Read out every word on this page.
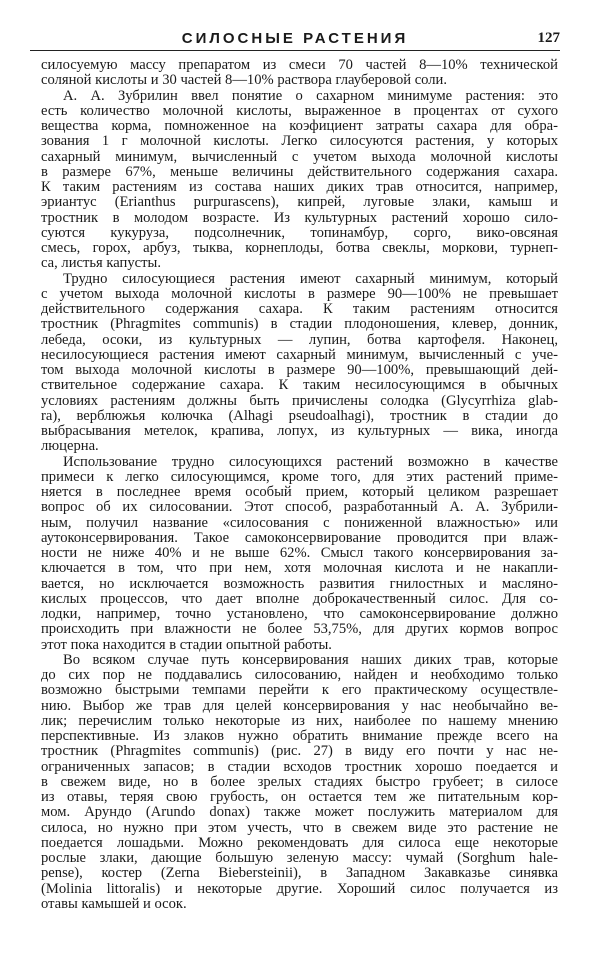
СИЛОСНЫЕ РАСТЕНИЯ	127
силосуемую массу препаратом из смеси 70 частей 8—10% технической
соляной кислоты и 30 частей 8—10% раствора глауберовой соли.
А. А. Зубрилин ввел понятие о сахарном минимуме растения: это
есть количество молочной кислоты, выраженное в процентах от сухого
вещества корма, помноженное на коэфициент затраты сахара для обра-
зования 1 г молочной кислоты. Легко силосуются растения, у которых
сахарный минимум, вычисленный с учетом выхода молочной кислоты
в размере 67%, меньше величины действительного содержания сахара.
К таким растениям из состава наших диких трав относится, например,
эриантус (Erianthus purpurascens), кипрей, луговые злаки, камыш и
тростник в молодом возрасте. Из культурных растений хорошо сило-
суются кукуруза, подсолнечник, топинамбур, сорго, вико-овсяная
смесь, горох, арбуз, тыква, корнеплоды, ботва свеклы, моркови, турнеп-
са, листья капусты.
Трудно силосующиеся растения имеют сахарный минимум, который
с учетом выхода молочной кислоты в размере 90—100% не превышает
действительного содержания сахара. К таким растениям относится
тростник (Phragmites communis) в стадии плодоношения, клевер, донник,
лебеда, осоки, из культурных — лупин, ботва картофеля. Наконец,
несилосующиеся растения имеют сахарный минимум, вычисленный с уче-
том выхода молочной кислоты в размере 90—100%, превышающий дей-
ствительное содержание сахара. К таким несилосующимся в обычных
условиях растениям должны быть причислены солодка (Glycyrrhiza glab-
ra), верблюжья колючка (Alhagi pseudoalhagi), тростник в стадии до
выбрасывания метелок, крапива, лопух, из культурных — вика, иногда
люцерна.
Использование трудно силосующихся растений возможно в качестве
примеси к легко силосующимся, кроме того, для этих растений приме-
няется в последнее время особый прием, который целиком разрешает
вопрос об их силосовании. Этот способ, разработанный А. А. Зубрили-
ным, получил название «силосования с пониженной влажностью» или
аутоконсервирования. Такое самоконсервирование проводится при влаж-
ности не ниже 40% и не выше 62%. Смысл такого консервирования за-
ключается в том, что при нем, хотя молочная кислота и не накапли-
вается, но исключается возможность развития гнилостных и масляно-
кислых процессов, что дает вполне доброкачественный силос. Для со-
лодки, например, точно установлено, что самоконсервирование должно
происходить при влажности не более 53,75%, для других кормов вопрос
этот пока находится в стадии опытной работы.
Во всяком случае путь консервирования наших диких трав, которые
до сих пор не поддавались силосованию, найден и необходимо только
возможно быстрыми темпами перейти к его практическому осуществле-
нию. Выбор же трав для целей консервирования у нас необычайно ве-
лик; перечислим только некоторые из них, наиболее по нашему мнению
перспективные. Из злаков нужно обратить внимание прежде всего на
тростник (Phragmites communis) (рис. 27) в виду его почти у нас не-
ограниченных запасов; в стадии всходов тростник хорошо поедается и
в свежем виде, но в более зрелых стадиях быстро грубеет; в силосе
из отавы, теряя свою грубость, он остается тем же питательным кор-
мом. Арундо (Arundo donax) также может послужить материалом для
силоса, но нужно при этом учесть, что в свежем виде это растение не
поедается лошадьми. Можно рекомендовать для силоса еще некоторые
рослые злаки, дающие большую зеленую массу: чумай (Sorghum hale-
pense), костер (Zerna Biebersteinii), в Западном Закавказье синявка
(Molinia littoralis) и некоторые другие. Хороший силос получается из
отавы камышей и осок.
